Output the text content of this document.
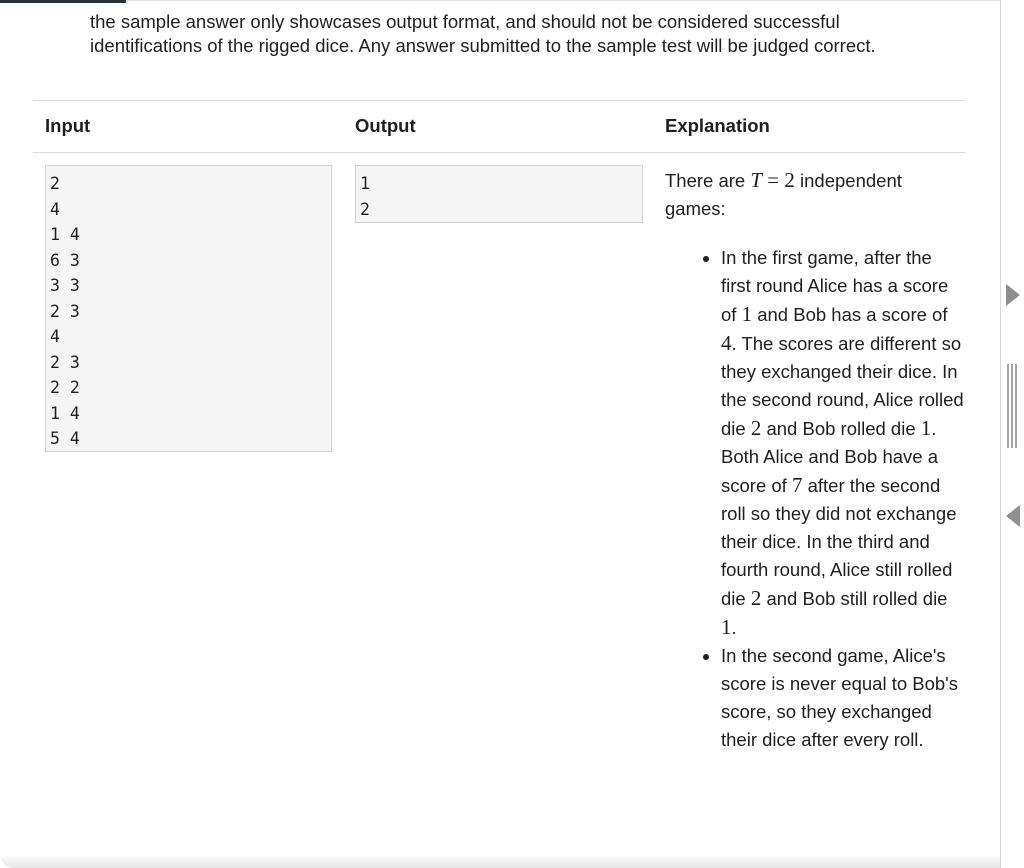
the sample answer only showcases output format, and should not be considered successful
identifications of the rigged dice. Any answer submitted to the sample test will be judged correct.

Input	Output	Explanation
2
4
1 4
6 3
3 3
2 3
4
2 3
2 2
1 4
5 4
1
2

There are T = 2 independent games:

• In the first game, after the first round Alice has a score of 1 and Bob has a score of 4. The scores are different so they exchanged their dice. In the second round, Alice rolled die 2 and Bob rolled die 1. Both Alice and Bob have a score of 7 after the second roll so they did not exchange their dice. In the third and fourth round, Alice still rolled die 2 and Bob still rolled die 1.
• In the second game, Alice's score is never equal to Bob's score, so they exchanged their dice after every roll.
